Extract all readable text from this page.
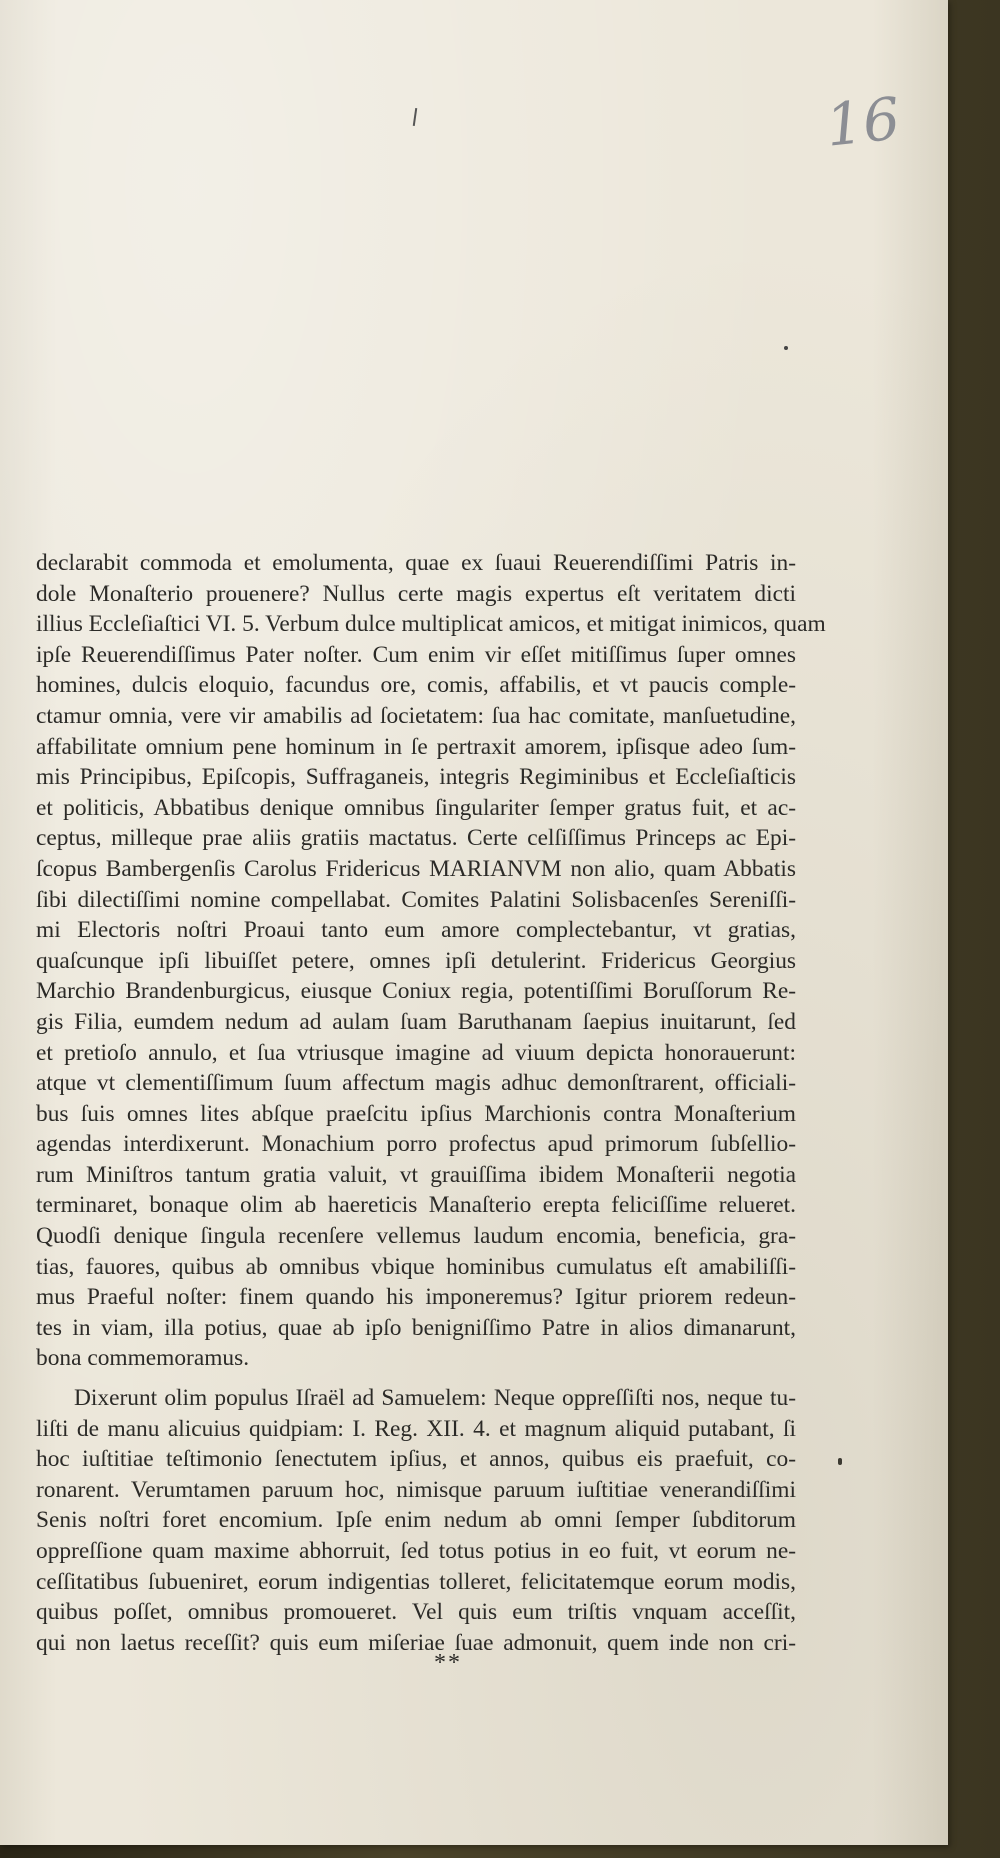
16
declarabit commoda et emolumenta, quae ex ſuaui Reuerendiſſimi Patris in-
dole Monaſterio prouenere? Nullus certe magis expertus eſt veritatem dicti
illius Eccleſiaſtici VI. 5. Verbum dulce multiplicat amicos, et mitigat inimicos, quam
ipſe Reuerendiſſimus Pater noſter. Cum enim vir eſſet mitiſſimus ſuper omnes
homines, dulcis eloquio, facundus ore, comis, affabilis, et vt paucis comple-
ctamur omnia, vere vir amabilis ad ſocietatem: ſua hac comitate, manſuetudine,
affabilitate omnium pene hominum in ſe pertraxit amorem, ipſisque adeo ſum-
mis Principibus, Epiſcopis, Suffraganeis, integris Regiminibus et Eccleſiaſticis
et politicis, Abbatibus denique omnibus ſingulariter ſemper gratus fuit, et ac-
ceptus, milleque prae aliis gratiis mactatus. Certe celſiſſimus Princeps ac Epi-
ſcopus Bambergenſis Carolus Fridericus MARIANVM non alio, quam Abbatis
ſibi dilectiſſimi nomine compellabat. Comites Palatini Solisbacenſes Sereniſſi-
mi Electoris noſtri Proaui tanto eum amore complectebantur, vt gratias,
quaſcunque ipſi libuiſſet petere, omnes ipſi detulerint. Fridericus Georgius
Marchio Brandenburgicus, eiusque Coniux regia, potentiſſimi Boruſſorum Re-
gis Filia, eumdem nedum ad aulam ſuam Baruthanam ſaepius inuitarunt, ſed
et pretioſo annulo, et ſua vtriusque imagine ad viuum depicta honorauerunt:
atque vt clementiſſimum ſuum affectum magis adhuc demonſtrarent, officiali-
bus ſuis omnes lites abſque praeſcitu ipſius Marchionis contra Monaſterium
agendas interdixerunt. Monachium porro profectus apud primorum ſubſellio-
rum Miniſtros tantum gratia valuit, vt grauiſſima ibidem Monaſterii negotia
terminaret, bonaque olim ab haereticis Manaſterio erepta feliciſſime relueret.
Quodſi denique ſingula recenſere vellemus laudum encomia, beneficia, gra-
tias, fauores, quibus ab omnibus vbique hominibus cumulatus eſt amabiliſſi-
mus Praeful noſter: finem quando his imponeremus? Igitur priorem redeun-
tes in viam, illa potius, quae ab ipſo benigniſſimo Patre in alios dimanarunt,
bona commemoramus.
Dixerunt olim populus Iſraël ad Samuelem: Neque oppreſſiſti nos, neque tu-
liſti de manu alicuius quidpiam: I. Reg. XII. 4. et magnum aliquid putabant, ſi
hoc iuſtitiae teſtimonio ſenectutem ipſius, et annos, quibus eis praefuit, co-
ronarent. Verumtamen paruum hoc, nimisque paruum iuſtitiae venerandiſſimi
Senis noſtri foret encomium. Ipſe enim nedum ab omni ſemper ſubditorum
oppreſſione quam maxime abhorruit, ſed totus potius in eo fuit, vt eorum ne-
ceſſitatibus ſubueniret, eorum indigentias tolleret, felicitatemque eorum modis,
quibus poſſet, omnibus promoueret. Vel quis eum triſtis vnquam acceſſit,
qui non laetus receſſit? quis eum miſeriae ſuae admonuit, quem inde non cri-
**
